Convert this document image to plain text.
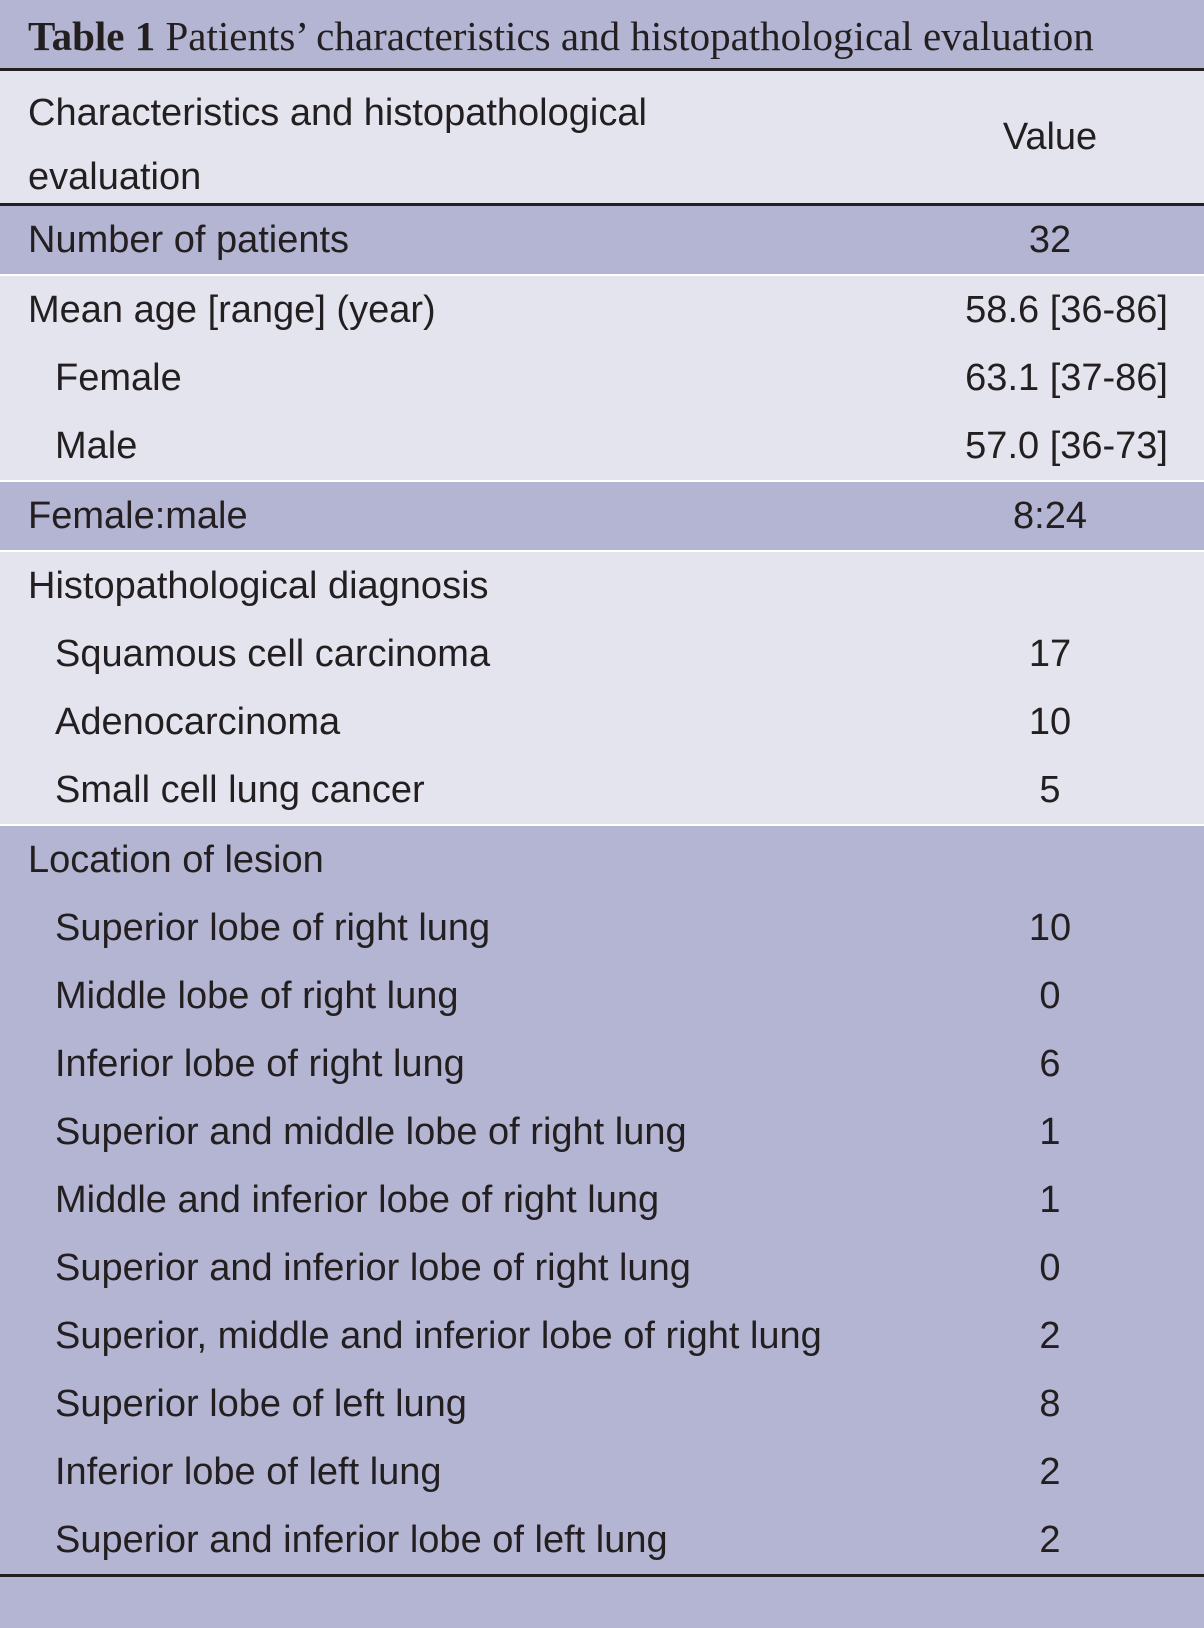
Table 1 Patients’ characteristics and histopathological evaluation
Characteristics and histopathological
evaluation
Value
Number of patients	32
Mean age [range] (year)	58.6 [36-86]
Female	63.1 [37-86]
Male	57.0 [36-73]
Female:male	8:24
Histopathological diagnosis
Squamous cell carcinoma	17
Adenocarcinoma	10
Small cell lung cancer	5
Location of lesion
Superior lobe of right lung	10
Middle lobe of right lung	0
Inferior lobe of right lung	6
Superior and middle lobe of right lung	1
Middle and inferior lobe of right lung	1
Superior and inferior lobe of right lung	0
Superior, middle and inferior lobe of right lung	2
Superior lobe of left lung	8
Inferior lobe of left lung	2
Superior and inferior lobe of left lung	2
